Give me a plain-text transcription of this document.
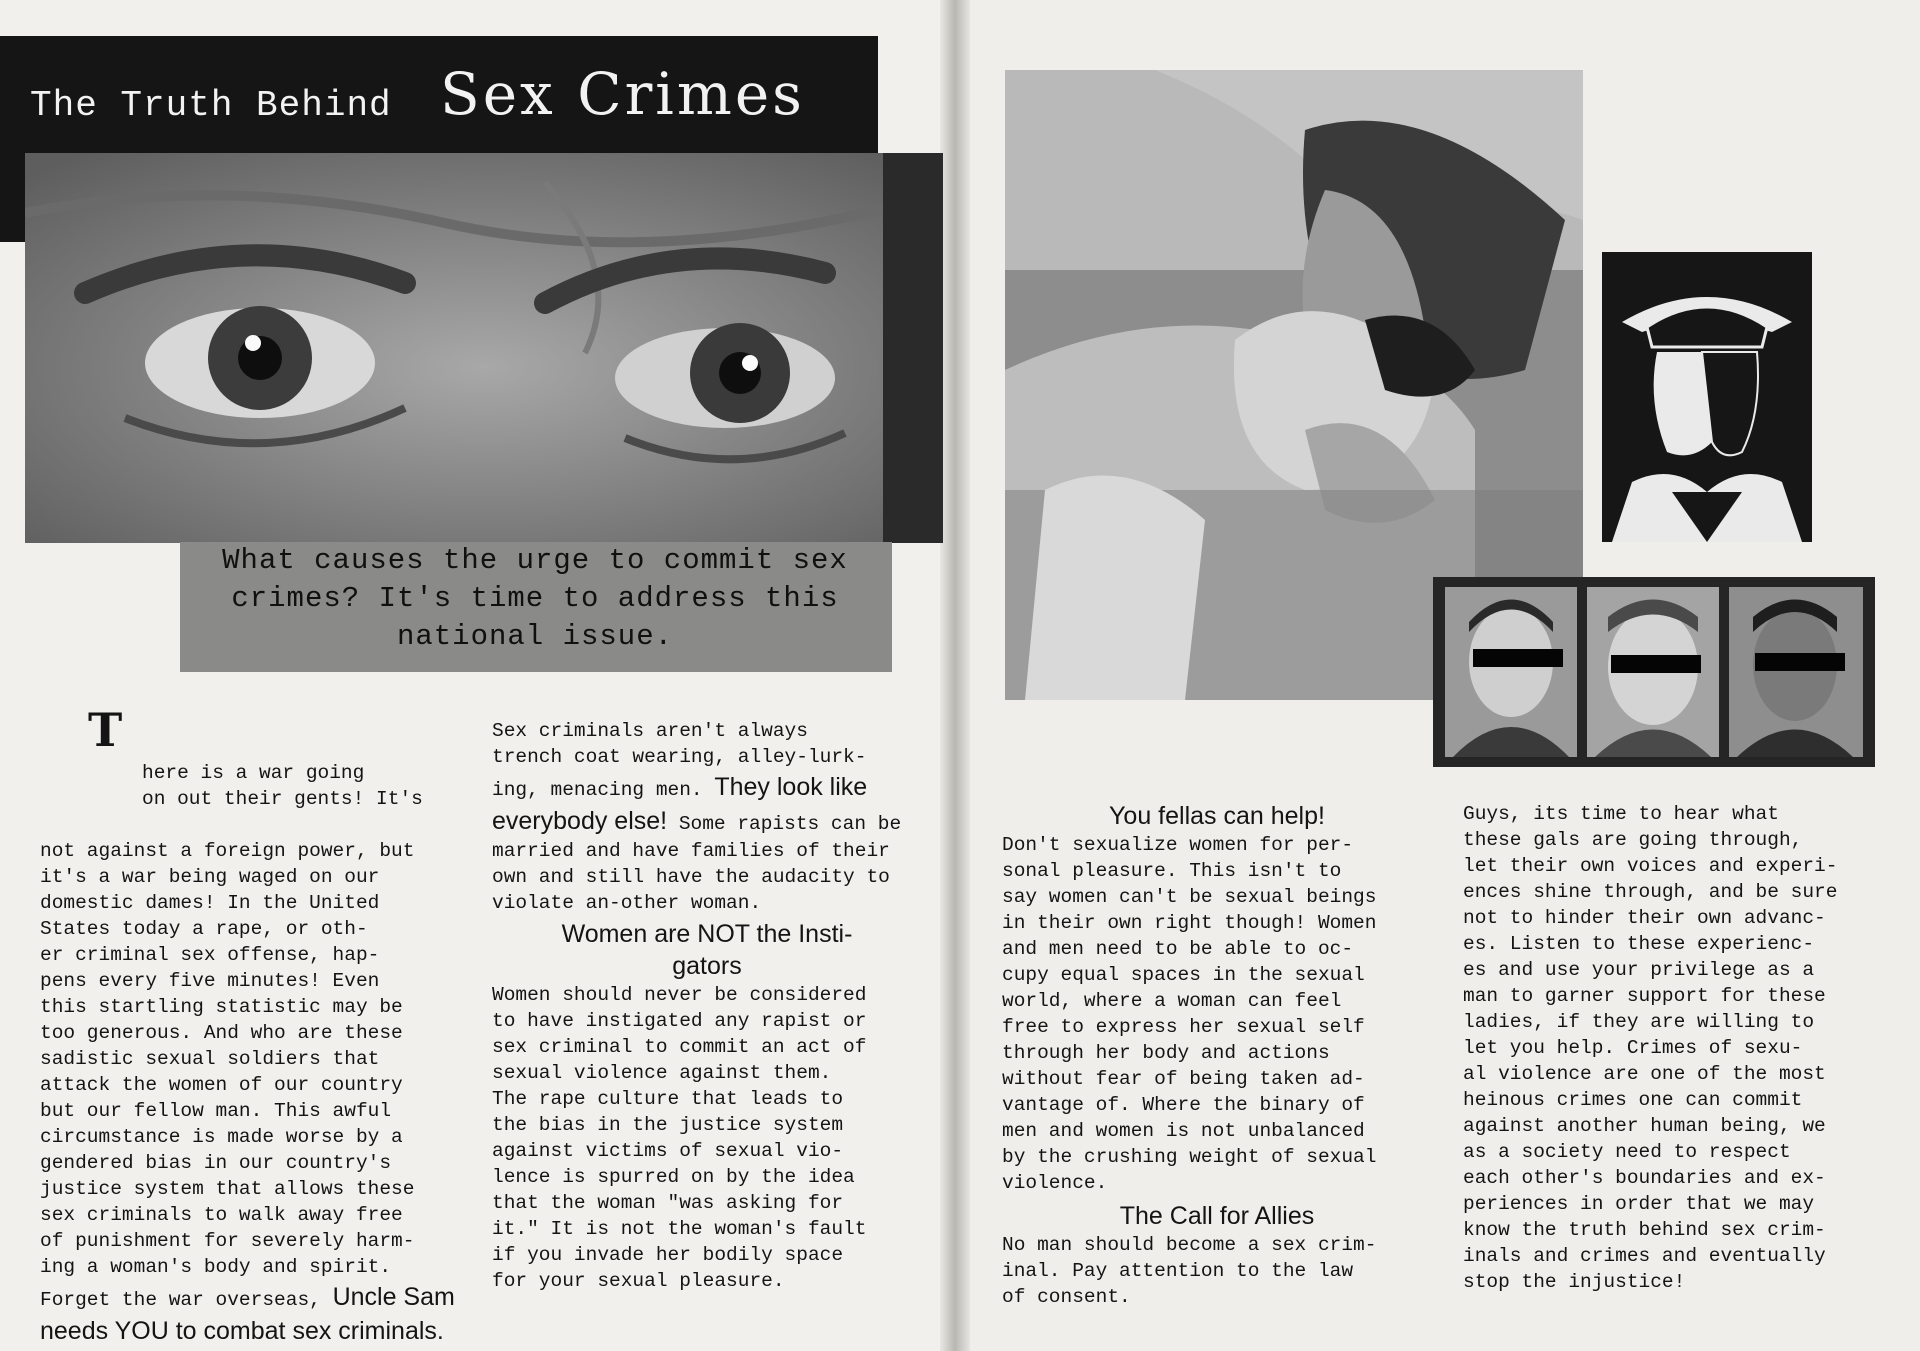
The Truth Behind Sex Crimes
What causes the urge to commit sex crimes? It's time to address this national issue.

T

here is a war going
on out their gents! It's

not against a foreign power, but
it's a war being waged on our
domestic dames! In the United
States today a rape, or oth-
er criminal sex offense, hap-
pens every five minutes! Even
this startling statistic may be
too generous. And who are these
sadistic sexual soldiers that
attack the women of our country
but our fellow man. This awful
circumstance is made worse by a
gendered bias in our country's
justice system that allows these
sex criminals to walk away free
of punishment for severely harm-
ing a woman's body and spirit.
Forget the war overseas, Uncle Sam needs YOU to combat sex criminals.
Sex criminals aren't always
trench coat wearing, alley-lurk-
ing, menacing men. They look like everybody else! Some rapists can be married and have families of their own and still have the audacity to violate an-other woman.
Women are NOT the Insti-
gators
Women should never be considered
to have instigated any rapist or
sex criminal to commit an act of
sexual violence against them.
The rape culture that leads to
the bias in the justice system
against victims of sexual vio-
lence is spurred on by the idea
that the woman "was asking for
it." It is not the woman's fault
if you invade her bodily space
for your sexual pleasure.
You fellas can help!
Don't sexualize women for per-
sonal pleasure. This isn't to
say women can't be sexual beings
in their own right though! Women
and men need to be able to oc-
cupy equal spaces in the sexual
world, where a woman can feel
free to express her sexual self
through her body and actions
without fear of being taken ad-
vantage of. Where the binary of
men and women is not unbalanced
by the crushing weight of sexual
violence.
The Call for Allies
No man should become a sex crim-
inal. Pay attention to the law
of consent.
Guys, its time to hear what
these gals are going through,
let their own voices and experi-
ences shine through, and be sure
not to hinder their own advanc-
es. Listen to these experienc-
es and use your privilege as a
man to garner support for these
ladies, if they are willing to
let you help. Crimes of sexu-
al violence are one of the most
heinous crimes one can commit
against another human being, we
as a society need to respect
each other's boundaries and ex-
periences in order that we may
know the truth behind sex crim-
inals and crimes and eventually
stop the injustice!
